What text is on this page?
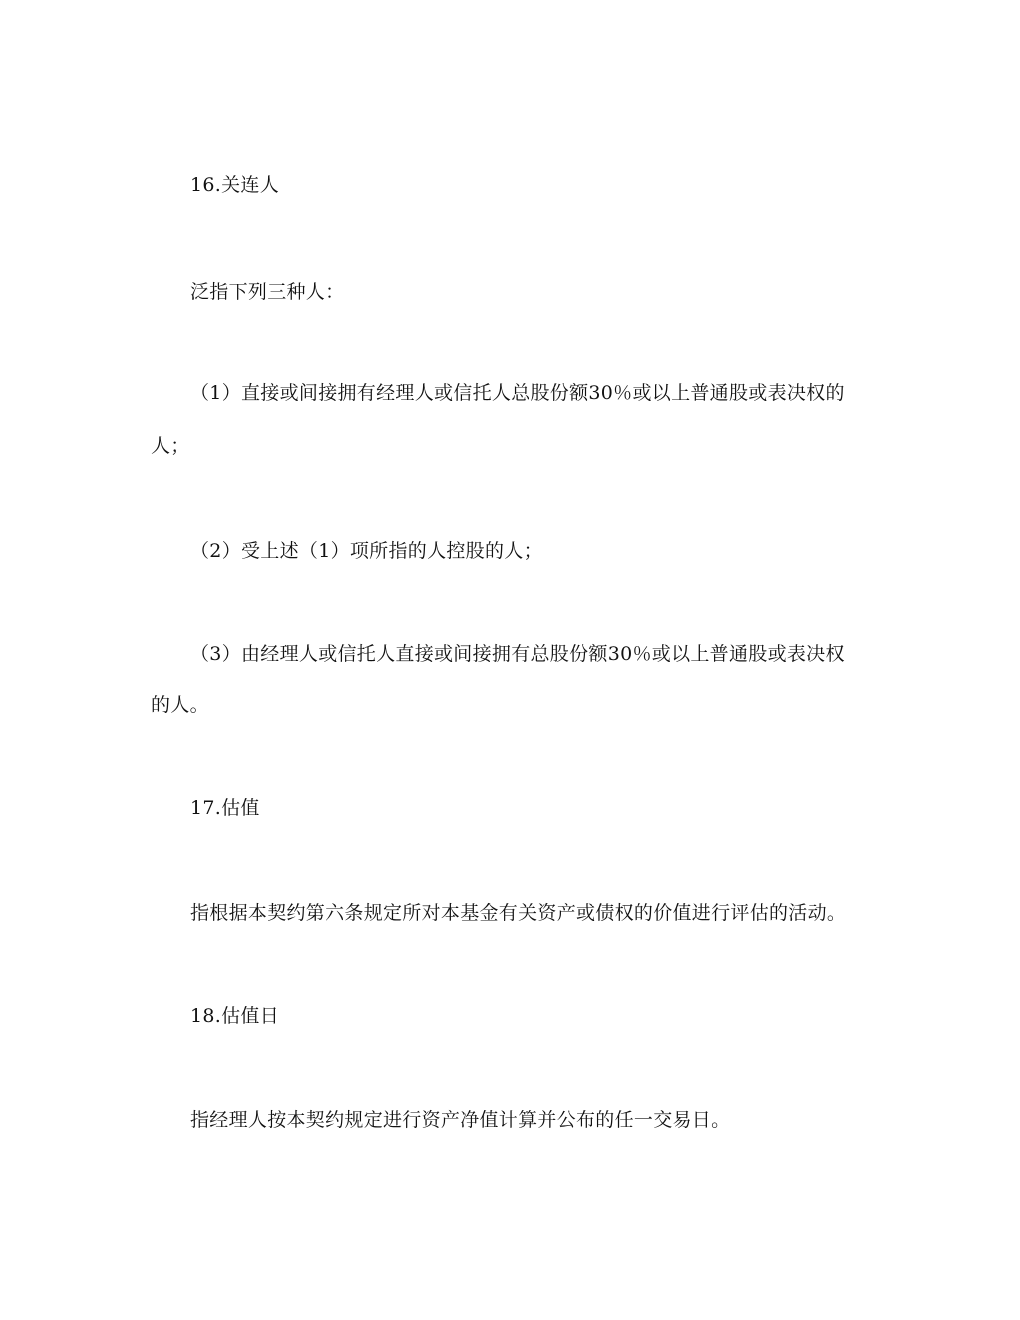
16.关连人
泛指下列三种人：
（1）直接或间接拥有经理人或信托人总股份额30％或以上普通股或表决权的
人；
（2）受上述（1）项所指的人控股的人；
（3）由经理人或信托人直接或间接拥有总股份额30％或以上普通股或表决权
的人。
17.估值
指根据本契约第六条规定所对本基金有关资产或债权的价值进行评估的活动。
18.估值日
指经理人按本契约规定进行资产净值计算并公布的任一交易日。
